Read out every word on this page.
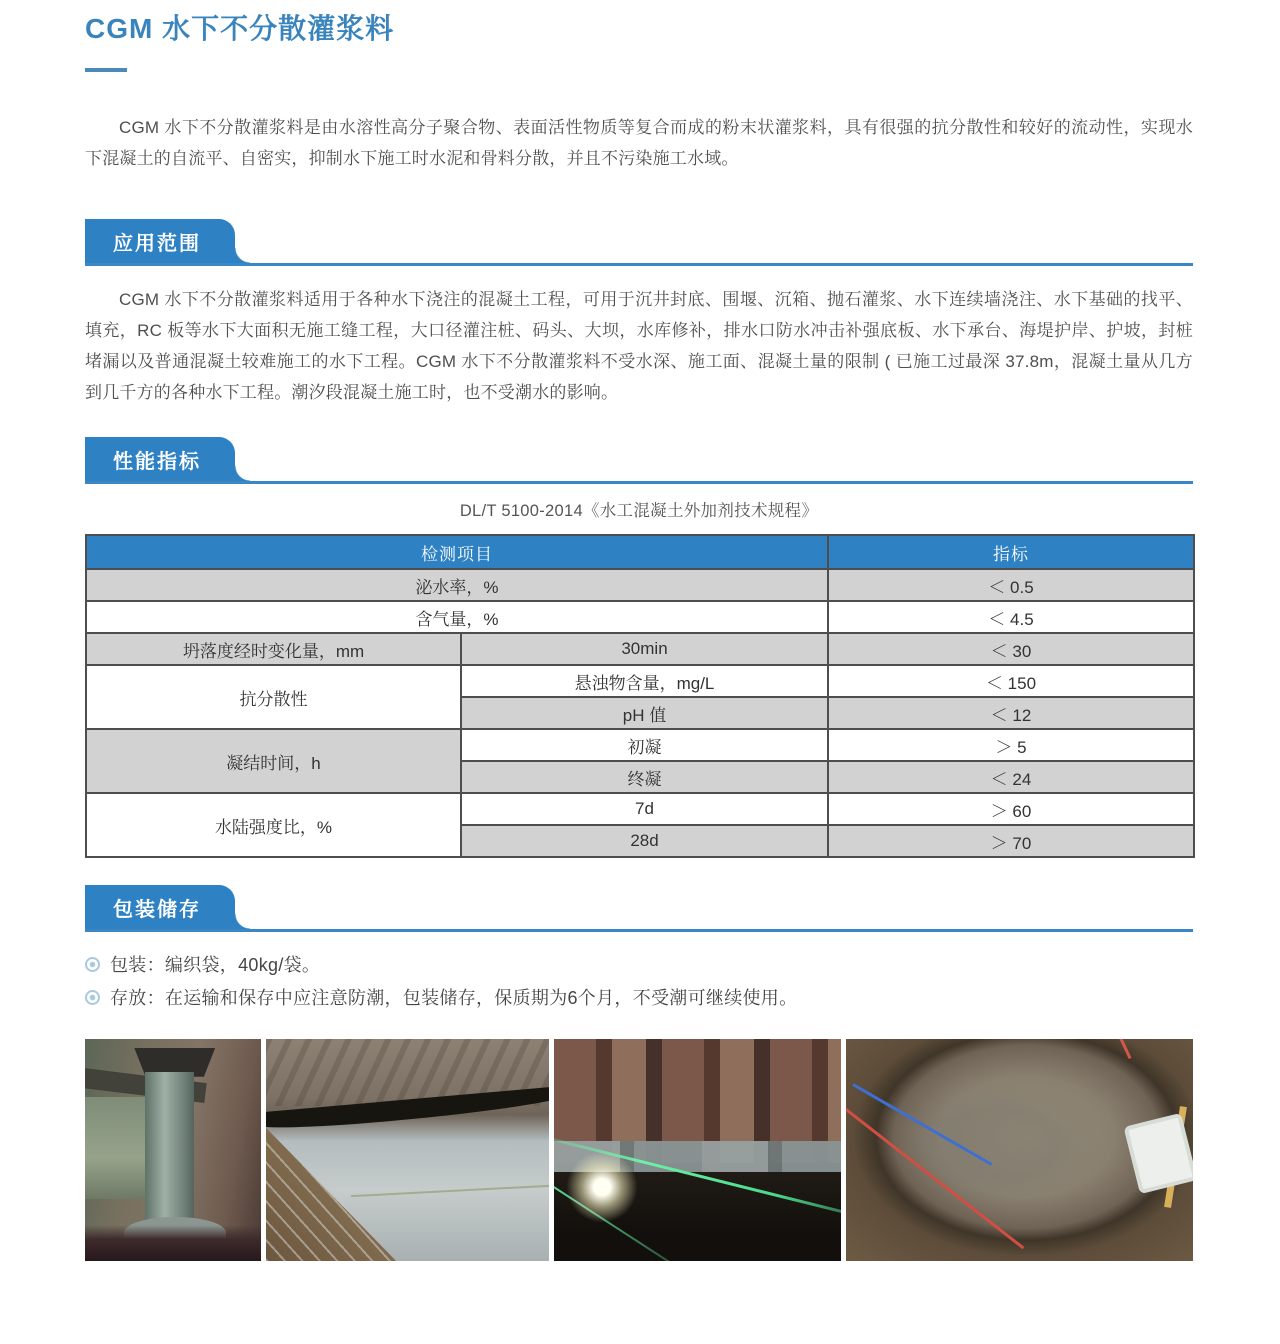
CGM 水下不分散灌浆料

CGM 水下不分散灌浆料是由水溶性高分子聚合物、表面活性物质等复合而成的粉末状灌浆料，具有很强的抗分散性和较好的流动性，实现水下混凝土的自流平、自密实，抑制水下施工时水泥和骨料分散，并且不污染施工水域。

应用范围

CGM 水下不分散灌浆料适用于各种水下浇注的混凝土工程，可用于沉井封底、围堰、沉箱、抛石灌浆、水下连续墙浇注、水下基础的找平、填充，RC 板等水下大面积无施工缝工程，大口径灌注桩、码头、大坝，水库修补，排水口防水冲击补强底板、水下承台、海堤护岸、护坡，封桩堵漏以及普通混凝土较难施工的水下工程。CGM 水下不分散灌浆料不受水深、施工面、混凝土量的限制 ( 已施工过最深 37.8m，混凝土量从几方到几千方的各种水下工程。潮汐段混凝土施工时，也不受潮水的影响。

性能指标
DL/T 5100-2014《水工混凝土外加剂技术规程》
检测项目		指标
泌水率，%		＜ 0.5
含气量，%		＜ 4.5
坍落度经时变化量，mm	30min	＜ 30
抗分散性	悬浊物含量，mg/L	＜ 150
	pH 值	＜ 12
凝结时间，h	初凝	＞ 5
	终凝	＜ 24
水陆强度比，%	7d	＞ 60
	28d	＞ 70
包装储存
包装：编织袋，40kg/袋。
存放：在运输和保存中应注意防潮，包装储存，保质期为6个月，不受潮可继续使用。
